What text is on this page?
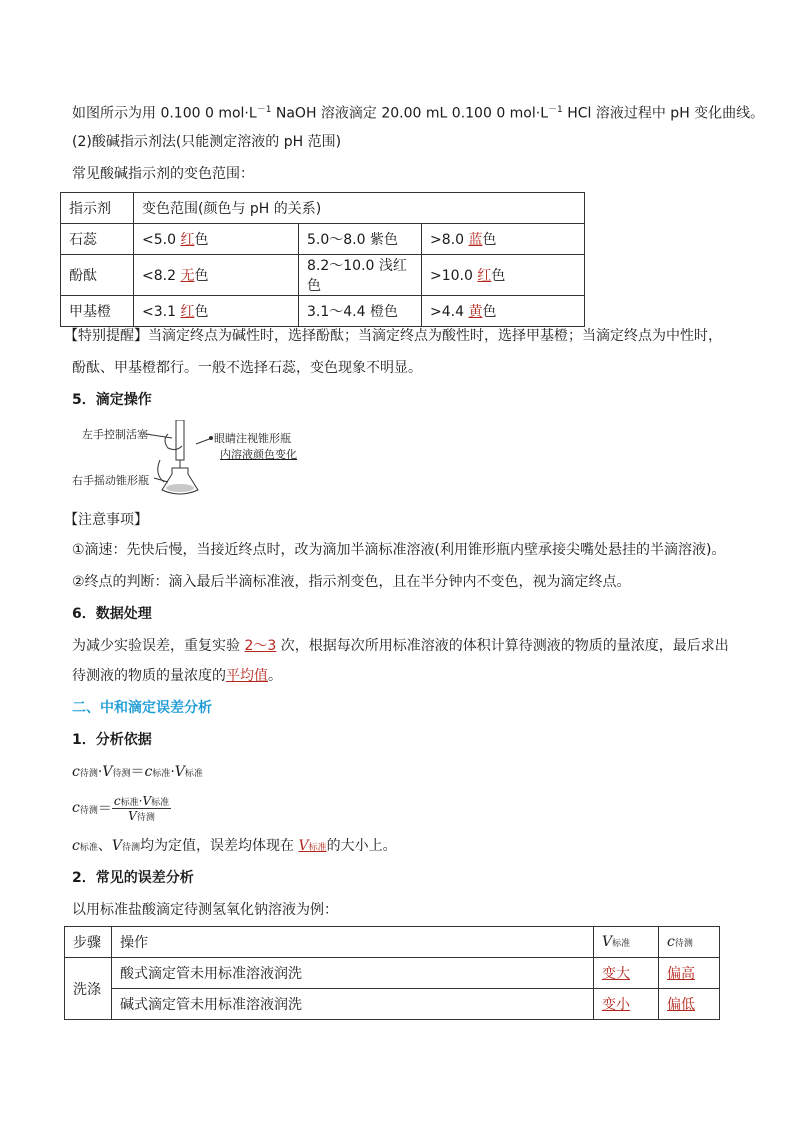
如图所示为用 0.100 0 $mol\cdot L^{-1}$ NaOH 溶液滴定 20.00 mL 0.100 0 $mol\cdot L^{-1}$ HCl 溶液过程中 pH 变化曲线。
(2)酸碱指示剂法(只能测定溶液的 pH 范围)
常见酸碱指示剂的变色范围：
指示剂	变色范围(颜色与 pH 的关系)		
石蕊	<5.0 红色	5.0～8.0 紫色	>8.0 蓝色
酚酞	<8.2 无色	8.2～10.0 浅红色	>10.0 红色
甲基橙	<3.1 红色	3.1～4.4 橙色	>4.4 黄色
【特别提醒】当滴定终点为碱性时，选择酚酞；当滴定终点为酸性时，选择甲基橙；当滴定终点为中性时，
酚酞、甲基橙都行。一般不选择石蕊，变色现象不明显。
5．滴定操作
左手控制活塞
右手摇动锥形瓶
眼睛注视锥形瓶
内溶液颜色变化
【注意事项】
①滴速：先快后慢，当接近终点时，改为滴加半滴标准溶液(利用锥形瓶内壁承接尖嘴处悬挂的半滴溶液)。
②终点的判断：滴入最后半滴标准液，指示剂变色，且在半分钟内不变色，视为滴定终点。
6．数据处理
为减少实验误差，重复实验 2～3 次，根据每次所用标准溶液的体积计算待测液的物质的量浓度，最后求出
待测液的物质的量浓度的平均值。
二、中和滴定误差分析
1．分析依据
c待测·V待测＝c标准·V标准
c 待测 ＝ $\frac{\text{c标准·V标准}}{\text{V待测}}$
c标准、V待测均为定值，误差均体现在 V标准的大小上。
2．常见的误差分析
以用标准盐酸滴定待测氢氧化钠溶液为例：
步骤	操作	V标准	c待测
洗涤	酸式滴定管未用标准溶液润洗	变大	偏高
	碱式滴定管未用标准溶液润洗	变小	偏低
